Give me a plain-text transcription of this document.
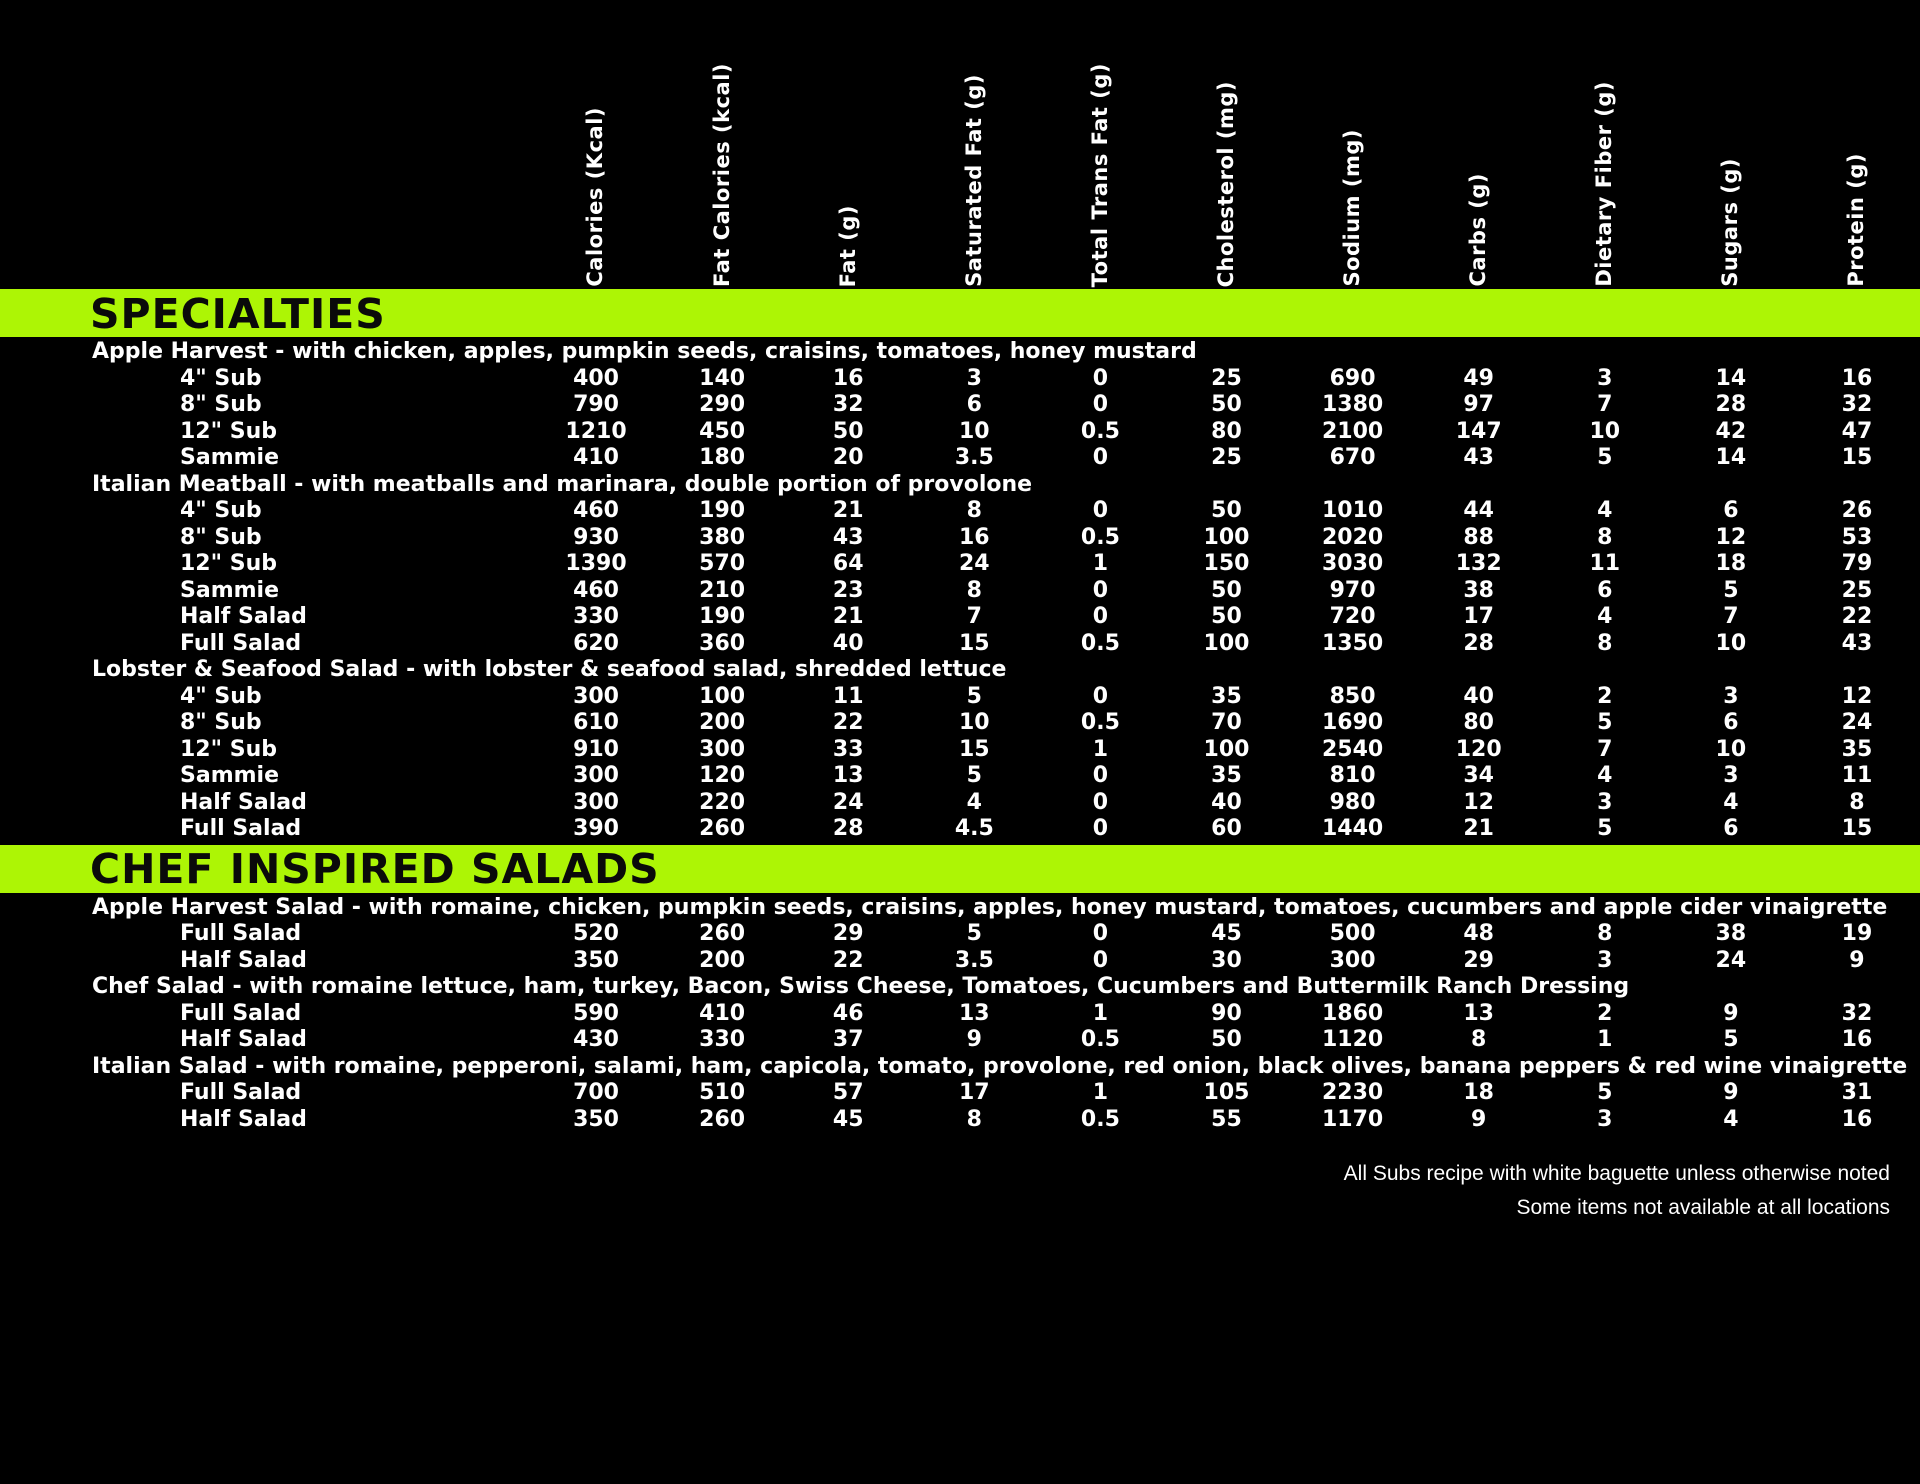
Calories (Kcal)	Fat Calories (kcal)	Fat (g)	Saturated Fat (g)	Total Trans Fat (g)	Cholesterol (mg)	Sodium (mg)	Carbs (g)	Dietary Fiber (g)	Sugars (g)	Protein (g)
SPECIALTIES
Apple Harvest - with chicken, apples, pumpkin seeds, craisins, tomatoes, honey mustard
4" Sub	400	140	16	3	0	25	690	49	3	14	16
8" Sub	790	290	32	6	0	50	1380	97	7	28	32
12" Sub	1210	450	50	10	0.5	80	2100	147	10	42	47
Sammie	410	180	20	3.5	0	25	670	43	5	14	15
Italian Meatball - with meatballs and marinara, double portion of provolone
4" Sub	460	190	21	8	0	50	1010	44	4	6	26
8" Sub	930	380	43	16	0.5	100	2020	88	8	12	53
12" Sub	1390	570	64	24	1	150	3030	132	11	18	79
Sammie	460	210	23	8	0	50	970	38	6	5	25
Half Salad	330	190	21	7	0	50	720	17	4	7	22
Full Salad	620	360	40	15	0.5	100	1350	28	8	10	43
Lobster & Seafood Salad - with lobster & seafood salad, shredded lettuce
4" Sub	300	100	11	5	0	35	850	40	2	3	12
8" Sub	610	200	22	10	0.5	70	1690	80	5	6	24
12" Sub	910	300	33	15	1	100	2540	120	7	10	35
Sammie	300	120	13	5	0	35	810	34	4	3	11
Half Salad	300	220	24	4	0	40	980	12	3	4	8
Full Salad	390	260	28	4.5	0	60	1440	21	5	6	15
CHEF INSPIRED SALADS
Apple Harvest Salad - with romaine, chicken, pumpkin seeds, craisins, apples, honey mustard, tomatoes, cucumbers and apple cider vinaigrette
Full Salad	520	260	29	5	0	45	500	48	8	38	19
Half Salad	350	200	22	3.5	0	30	300	29	3	24	9
Chef Salad - with romaine lettuce, ham, turkey, Bacon, Swiss Cheese, Tomatoes, Cucumbers and Buttermilk Ranch Dressing
Full Salad	590	410	46	13	1	90	1860	13	2	9	32
Half Salad	430	330	37	9	0.5	50	1120	8	1	5	16
Italian Salad - with romaine, pepperoni, salami, ham, capicola, tomato, provolone, red onion, black olives, banana peppers & red wine vinaigrette
Full Salad	700	510	57	17	1	105	2230	18	5	9	31
Half Salad	350	260	45	8	0.5	55	1170	9	3	4	16
All Subs recipe with white baguette unless otherwise noted
Some items not available at all locations
